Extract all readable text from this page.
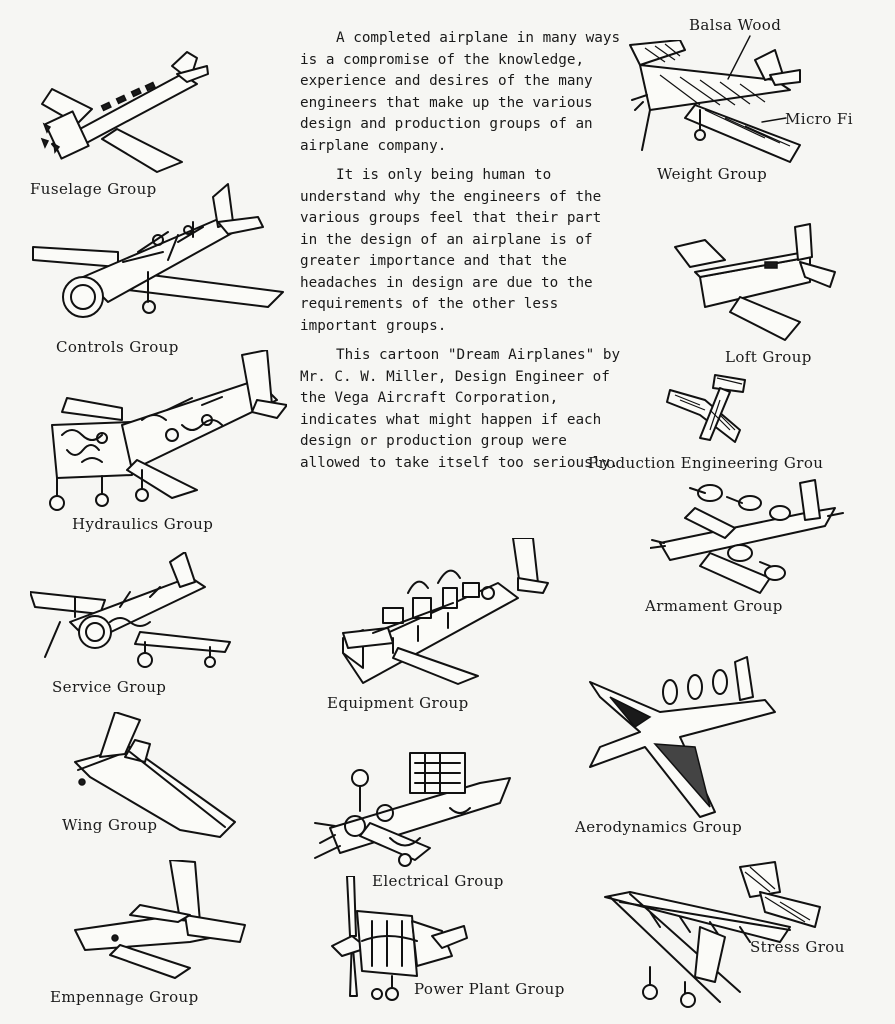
A completed airplane in many ways is a compromise of the knowledge, experience and desires of the many engineers that make up the various design and production groups of an airplane company.

It is only being human to understand why the engineers of the various groups feel that their part in the design of an airplane is of greater importance and that the headaches in design are due to the requirements of the other less important groups.

This cartoon "Dream Airplanes" by Mr. C. W. Miller, Design Engineer of the Vega Aircraft Corporation, indicates what might happen if each design or production group were allowed to take itself too seriously.

Fuselage Group
Controls Group
Hydraulics Group
Service Group
Wing Group
Empennage Group
Equipment Group
Electrical Group
Power Plant Group
Balsa Wood
Micro Fi
Weight Group
Loft Group
Production Engineering Grou
Armament Group
Aerodynamics Group
Stress Grou
